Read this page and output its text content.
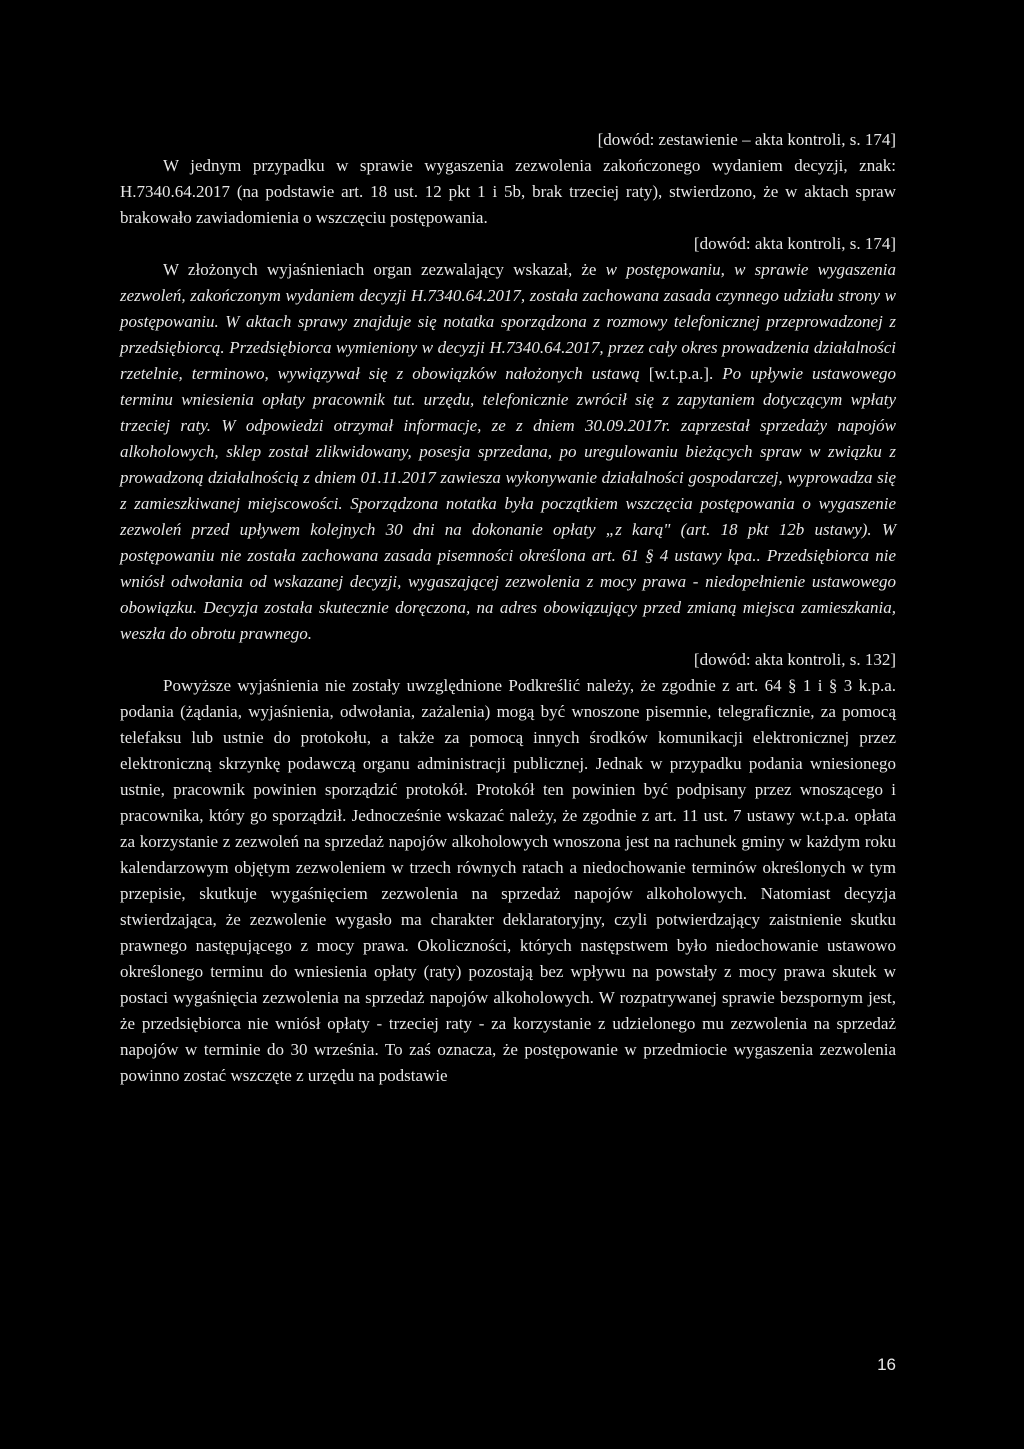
[dowód: zestawienie – akta kontroli, s. 174]

W jednym przypadku w sprawie wygaszenia zezwolenia zakończonego wydaniem decyzji, znak: H.7340.64.2017 (na podstawie art. 18 ust. 12 pkt 1 i 5b, brak trzeciej raty), stwierdzono, że w aktach spraw brakowało zawiadomienia o wszczęciu postępowania.

[dowód: akta kontroli, s. 174]

W złożonych wyjaśnieniach organ zezwalający wskazał, że w postępowaniu, w sprawie wygaszenia zezwoleń, zakończonym wydaniem decyzji H.7340.64.2017, została zachowana zasada czynnego udziału strony w postępowaniu. W aktach sprawy znajduje się notatka sporządzona z rozmowy telefonicznej przeprowadzonej z przedsiębiorcą. Przedsiębiorca wymieniony w decyzji H.7340.64.2017, przez cały okres prowadzenia działalności rzetelnie, terminowo, wywiązywał się z obowiązków nałożonych ustawą [w.t.p.a.]. Po upływie ustawowego terminu wniesienia opłaty pracownik tut. urzędu, telefonicznie zwrócił się z zapytaniem dotyczącym wpłaty trzeciej raty. W odpowiedzi otrzymał informacje, ze z dniem 30.09.2017r. zaprzestał sprzedaży napojów alkoholowych, sklep został zlikwidowany, posesja sprzedana, po uregulowaniu bieżących spraw w związku z prowadzoną działalnością z dniem 01.11.2017 zawiesza wykonywanie działalności gospodarczej, wyprowadza się z zamieszkiwanej miejscowości. Sporządzona notatka była początkiem wszczęcia postępowania o wygaszenie zezwoleń przed upływem kolejnych 30 dni na dokonanie opłaty „z karą" (art. 18 pkt 12b ustawy). W postępowaniu nie została zachowana zasada pisemności określona art. 61 § 4 ustawy kpa.. Przedsiębiorca nie wniósł odwołania od wskazanej decyzji, wygaszającej zezwolenia z mocy prawa - niedopełnienie ustawowego obowiązku. Decyzja została skutecznie doręczona, na adres obowiązujący przed zmianą miejsca zamieszkania, weszła do obrotu prawnego.

[dowód: akta kontroli, s. 132]

Powyższe wyjaśnienia nie zostały uwzględnione Podkreślić należy, że zgodnie z art. 64 § 1 i § 3 k.p.a. podania (żądania, wyjaśnienia, odwołania, zażalenia) mogą być wnoszone pisemnie, telegraficznie, za pomocą telefaksu lub ustnie do protokołu, a także za pomocą innych środków komunikacji elektronicznej przez elektroniczną skrzynkę podawczą organu administracji publicznej. Jednak w przypadku podania wniesionego ustnie, pracownik powinien sporządzić protokół. Protokół ten powinien być podpisany przez wnoszącego i pracownika, który go sporządził. Jednocześnie wskazać należy, że zgodnie z art. 11 ust. 7 ustawy w.t.p.a. opłata za korzystanie z zezwoleń na sprzedaż napojów alkoholowych wnoszona jest na rachunek gminy w każdym roku kalendarzowym objętym zezwoleniem w trzech równych ratach a niedochowanie terminów określonych w tym przepisie, skutkuje wygaśnięciem zezwolenia na sprzedaż napojów alkoholowych. Natomiast decyzja stwierdzająca, że zezwolenie wygasło ma charakter deklaratoryjny, czyli potwierdzający zaistnienie skutku prawnego następującego z mocy prawa. Okoliczności, których następstwem było niedochowanie ustawowo określonego terminu do wniesienia opłaty (raty) pozostają bez wpływu na powstały z mocy prawa skutek w postaci wygaśnięcia zezwolenia na sprzedaż napojów alkoholowych. W rozpatrywanej sprawie bezspornym jest, że przedsiębiorca nie wniósł opłaty - trzeciej raty - za korzystanie z udzielonego mu zezwolenia na sprzedaż napojów w terminie do 30 września. To zaś oznacza, że postępowanie w przedmiocie wygaszenia zezwolenia powinno zostać wszczęte z urzędu na podstawie

16
